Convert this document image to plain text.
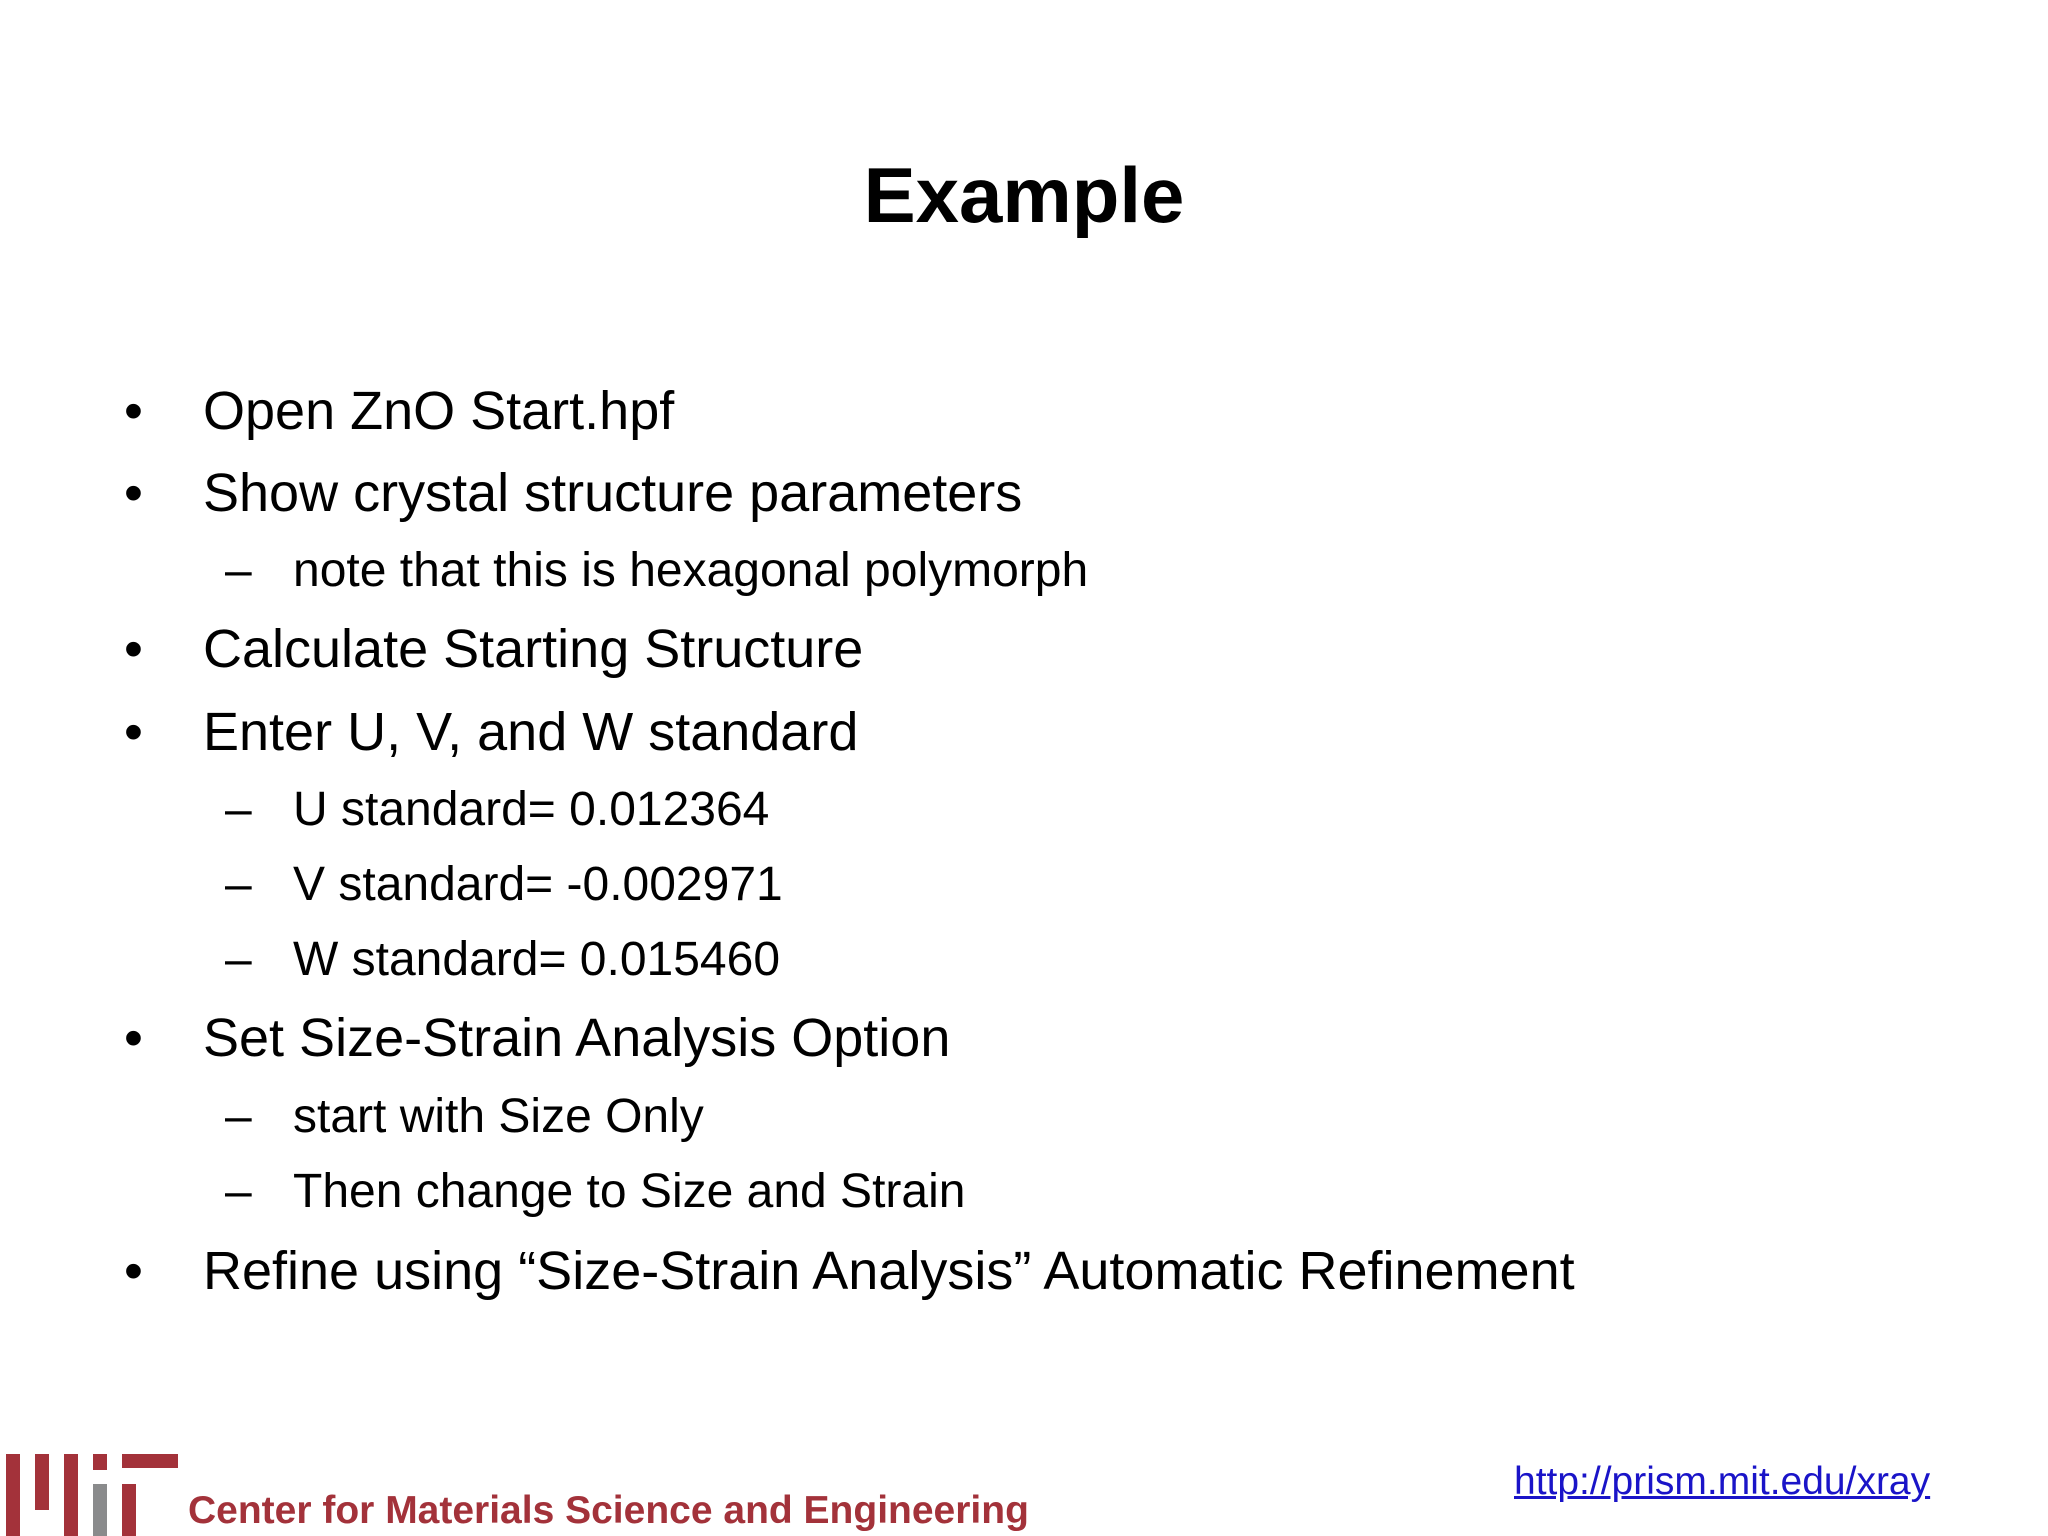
Example
• Open ZnO Start.hpf
• Show crystal structure parameters
– note that this is hexagonal polymorph
• Calculate Starting Structure
• Enter U, V, and W standard
– U standard= 0.012364
– V standard= -0.002971
– W standard= 0.015460
• Set Size-Strain Analysis Option
– start with Size Only
– Then change to Size and Strain
• Refine using “Size-Strain Analysis” Automatic Refinement
Center for Materials Science and Engineering
http://prism.mit.edu/xray
